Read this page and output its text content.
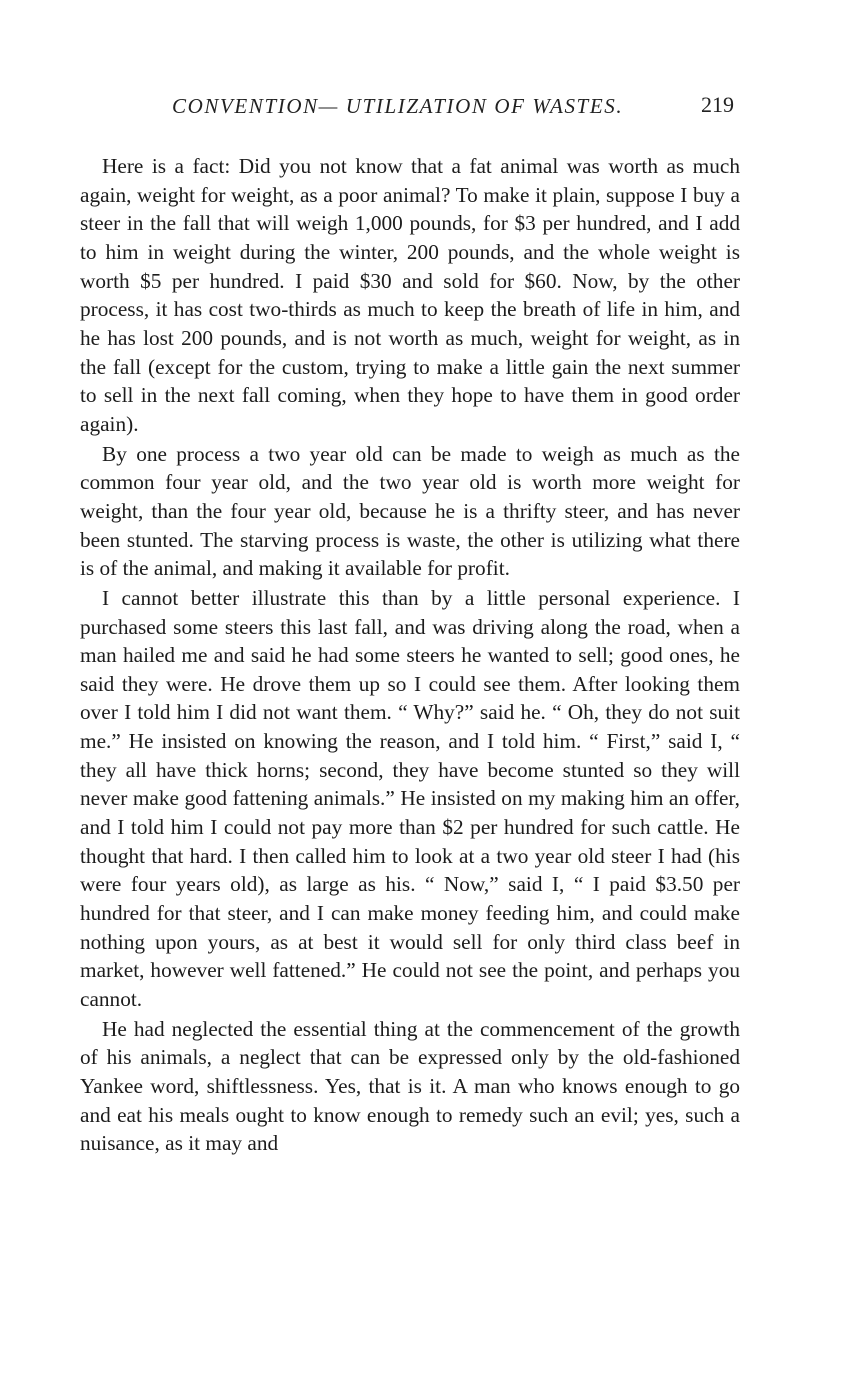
CONVENTION— UTILIZATION OF WASTES.	219

Here is a fact: Did you not know that a fat animal was worth as much again, weight for weight, as a poor animal? To make it plain, suppose I buy a steer in the fall that will weigh 1,000 pounds, for $3 per hundred, and I add to him in weight during the winter, 200 pounds, and the whole weight is worth $5 per hundred. I paid $30 and sold for $60. Now, by the other process, it has cost two-thirds as much to keep the breath of life in him, and he has lost 200 pounds, and is not worth as much, weight for weight, as in the fall (except for the custom, trying to make a little gain the next summer to sell in the next fall coming, when they hope to have them in good order again).

By one process a two year old can be made to weigh as much as the common four year old, and the two year old is worth more weight for weight, than the four year old, because he is a thrifty steer, and has never been stunted. The starving process is waste, the other is utilizing what there is of the animal, and making it available for profit.

I cannot better illustrate this than by a little personal experience. I purchased some steers this last fall, and was driving along the road, when a man hailed me and said he had some steers he wanted to sell; good ones, he said they were. He drove them up so I could see them. After looking them over I told him I did not want them. “ Why?” said he. “ Oh, they do not suit me.” He insisted on knowing the reason, and I told him. “ First,” said I, “ they all have thick horns; second, they have become stunted so they will never make good fattening animals.” He insisted on my making him an offer, and I told him I could not pay more than $2 per hundred for such cattle. He thought that hard. I then called him to look at a two year old steer I had (his were four years old), as large as his. “ Now,” said I, “ I paid $3.50 per hundred for that steer, and I can make money feeding him, and could make nothing upon yours, as at best it would sell for only third class beef in market, however well fattened.” He could not see the point, and perhaps you cannot.

He had neglected the essential thing at the commencement of the growth of his animals, a neglect that can be expressed only by the old-fashioned Yankee word, shiftlessness. Yes, that is it. A man who knows enough to go and eat his meals ought to know enough to remedy such an evil; yes, such a nuisance, as it may and
